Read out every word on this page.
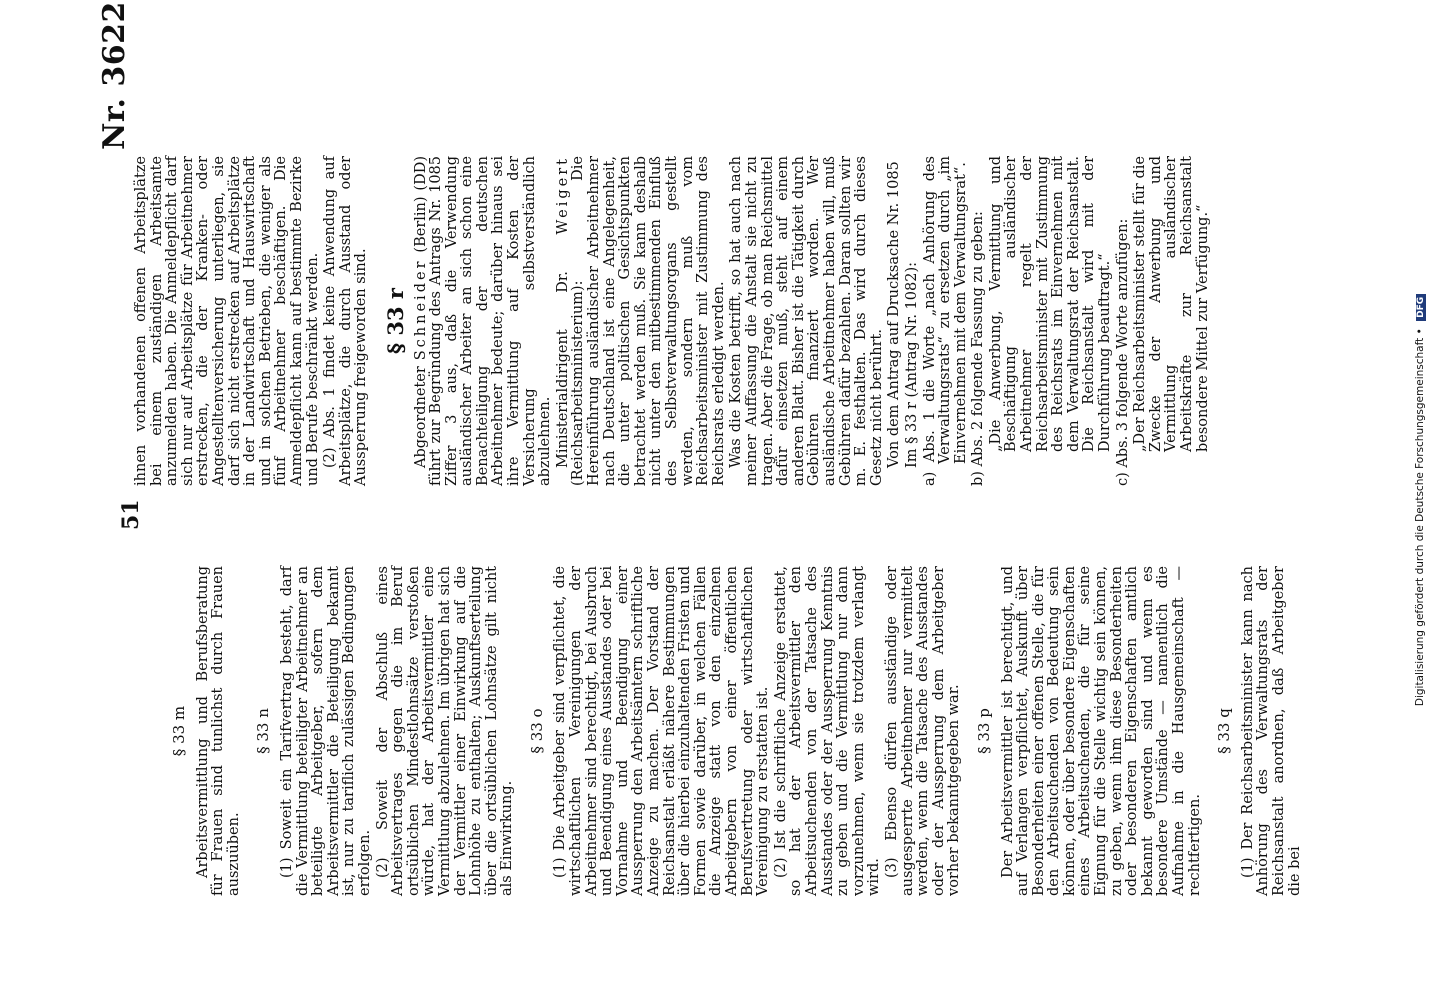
51
Nr. 3622
§ 33 m Arbeitsvermittlung und Berufsberatung für Frauen sind tunlichst durch Frauen auszuüben.

§ 33 n (1) Soweit ein Tarifvertrag besteht, darf die Vermittlung beteiligter Arbeitnehmer an beteiligte Arbeitgeber, sofern dem Arbeitsvermittler die Beteiligung bekannt ist, nur zu tariflich zulässigen Bedingungen erfolgen. (2) Soweit der Abschluß eines Arbeitsvertrages gegen die im Beruf ortsüblichen Mindestlohnsätze verstoßen würde, hat der Arbeitsvermittler eine Vermittlung abzulehnen. Im übrigen hat sich der Vermittler einer Einwirkung auf die Lohnhöhe zu enthalten; Auskunftserteilung über die ortsüblichen Lohnsätze gilt nicht als Einwirkung.

§ 33 o (1) Die Arbeitgeber sind verpflichtet, die wirtschaftlichen Vereinigungen der Arbeitnehmer sind berechtigt, bei Ausbruch und Beendigung eines Ausstandes oder bei Vornahme und Beendigung einer Aussperrung den Arbeitsämtern schriftliche Anzeige zu machen. Der Vorstand der Reichsanstalt erläßt nähere Bestimmungen über die hierbei einzuhaltenden Fristen und Formen sowie darüber, in welchen Fällen die Anzeige statt von den einzelnen Arbeitgebern von einer öffentlichen Berufsvertretung oder wirtschaftlichen Vereinigung zu erstatten ist. (2) Ist die schriftliche Anzeige erstattet, so hat der Arbeitsvermittler den Arbeitsuchenden von der Tatsache des Ausstandes oder der Aussperrung Kenntnis zu geben und die Vermittlung nur dann vorzunehmen, wenn sie trotzdem verlangt wird. (3) Ebenso dürfen ausständige oder ausgesperrte Arbeitnehmer nur vermittelt werden, wenn die Tatsache des Ausstandes oder der Aussperrung dem Arbeitgeber vorher bekanntgegeben war. § 33 p Der Arbeitsvermittler ist berechtigt, und auf Verlangen verpflichtet, Auskunft über Besonderheiten einer offenen Stelle, die für den Arbeitsuchenden von Bedeutung sein können, oder über besondere Eigenschaften eines Arbeitsuchenden, die für seine Eignung für die Stelle wichtig sein können, zu geben, wenn ihm diese Besonderheiten oder besonderen Eigenschaften amtlich bekannt geworden sind und wenn es besondere Umstände — namentlich die Aufnahme in die Hausgemeinschaft — rechtfertigen.

§ 33 q (1) Der Reichsarbeitsminister kann nach Anhörung des Verwaltungsrats der Reichsanstalt anordnen, daß Arbeitgeber die bei

ihnen vorhandenen offenen Arbeitsplätze bei einem zuständigen Arbeitsamte anzumelden haben. Die Anmeldepflicht darf sich nur auf Arbeitsplätze für Arbeitnehmer erstrecken, die der Kranken- oder Angestelltenversicherung unterliegen, sie darf sich nicht erstrecken auf Arbeitsplätze in der Landwirtschaft und Hauswirtschaft und in solchen Betrieben, die weniger als fünf Arbeitnehmer beschäftigen. Die Anmeldepflicht kann auf bestimmte Bezirke und Berufe beschränkt werden. (2) Abs. 1 findet keine Anwendung auf Arbeitsplätze, die durch Ausstand oder Aussperrung freigeworden sind. § 33 r

Abgeordneter Schneider (Berlin) (DD) führt zur Begründung des Antrags Nr. 1085 Ziffer 3 aus, daß die Verwendung ausländischer Arbeiter an sich schon eine Benachteiligung der deutschen Arbeitnehmer bedeute; darüber hinaus sei ihre Vermittlung auf Kosten der Versicherung selbstverständlich abzulehnen. Ministerialdirigent Dr. Weigert (Reichsarbeitsministerium): Die Hereinführung ausländischer Arbeitnehmer nach Deutschland ist eine Angelegenheit, die unter politischen Gesichtspunkten betrachtet werden muß. Sie kann deshalb nicht unter den mitbestimmenden Einfluß des Selbstverwaltungsorgans gestellt werden, sondern muß vom Reichsarbeitsminister mit Zustimmung des Reichsrats erledigt werden. Was die Kosten betrifft, so hat auch nach meiner Auffassung die Anstalt sie nicht zu tragen. Aber die Frage, ob man Reichsmittel dafür einsetzen muß, steht auf einem anderen Blatt. Bisher ist die Tätigkeit durch Gebühren finanziert worden. Wer ausländische Arbeitnehmer haben will, muß Gebühren dafür bezahlen. Daran sollten wir m. E. festhalten. Das wird durch dieses Gesetz nicht berührt. Von dem Antrag auf Drucksache Nr. 1085 Im § 33 r (Antrag Nr. 1082):

a) Abs. 1 die Worte „nach Anhörung des Verwaltungsrats“ zu ersetzen durch „im Einvernehmen mit dem Verwaltungsrat“.
b) Abs. 2 folgende Fassung zu geben: „Die Anwerbung, Vermittlung und Beschäftigung ausländischer Arbeitnehmer regelt der Reichsarbeitsminister mit Zustimmung des Reichsrats im Einvernehmen mit dem Verwaltungsrat der Reichsanstalt. Die Reichsanstalt wird mit der Durchführung beauftragt.“

c) Abs. 3 folgende Worte anzufügen: „Der Reichsarbeitsminister stellt für die Zwecke der Anwerbung und Vermittlung ausländischer Arbeitskräfte zur Reichsanstalt besondere Mittel zur Verfügung.“	Digitalisierung gefördert durch die Deutsche Forschungsgemeinschaft • DFG
